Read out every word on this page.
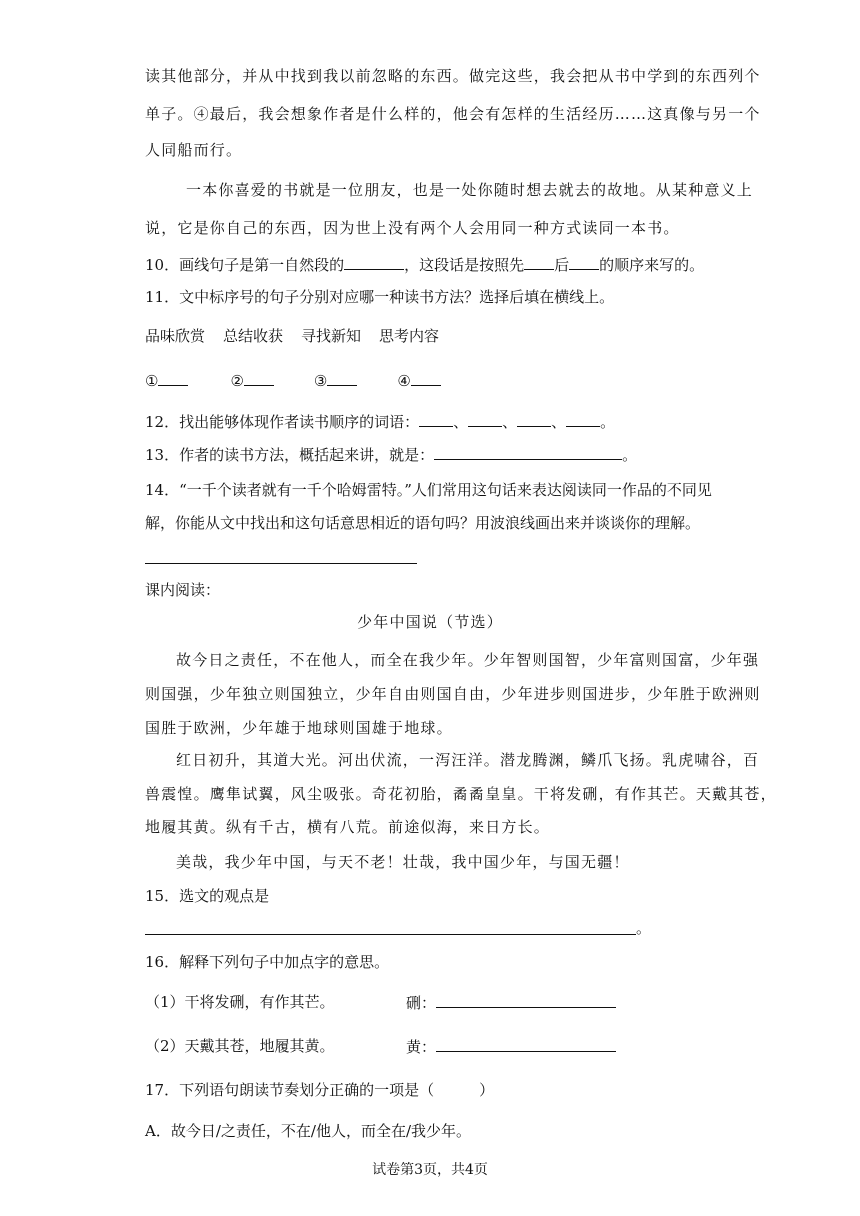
读其他部分，并从中找到我以前忽略的东西。做完这些，我会把从书中学到的东西列个
单子。④最后，我会想象作者是什么样的，他会有怎样的生活经历……这真像与另一个
人同船而行。
一本你喜爱的书就是一位朋友，也是一处你随时想去就去的故地。从某种意义上
说，它是你自己的东西，因为世上没有两个人会用同一种方式读同一本书。
10．画线句子是第一自然段的	，这段话是按照先 后 的顺序来写的。
11．文中标序号的句子分别对应哪一种读书方法？选择后填在横线上。
品味欣赏 总结收获 寻找新知 思考内容
①	②	③	④
12．找出能够体现作者读书顺序的词语： 、 、 、 。
13．作者的读书方法，概括起来讲，就是：	。
14．“一千个读者就有一千个哈姆雷特。”人们常用这句话来表达阅读同一作品的不同见
解，你能从文中找出和这句话意思相近的语句吗？用波浪线画出来并谈谈你的理解。
课内阅读：
少年中国说（节选）
故今日之责任，不在他人，而全在我少年。少年智则国智，少年富则国富，少年强
则国强，少年独立则国独立，少年自由则国自由，少年进步则国进步，少年胜于欧洲则
国胜于欧洲，少年雄于地球则国雄于地球。
红日初升，其道大光。河出伏流，一泻汪洋。潜龙腾渊，鳞爪飞扬。乳虎啸谷，百
兽震惶。鹰隼试翼，风尘吸张。奇花初胎，矞矞皇皇。干将发硎，有作其芒。天戴其苍，
地履其黄。纵有千古，横有八荒。前途似海，来日方长。
美哉，我少年中国，与天不老！壮哉，我中国少年，与国无疆！
15．选文的观点是
。
16．解释下列句子中加点字的意思。
（1）干将发硎，有作其芒。	硎：
（2）天戴其苍，地履其黄。	黄：
17．下列语句朗读节奏划分正确的一项是（　　　）
A．故今日/之责任，不在/他人，而全在/我少年。
试卷第3页，共4页
